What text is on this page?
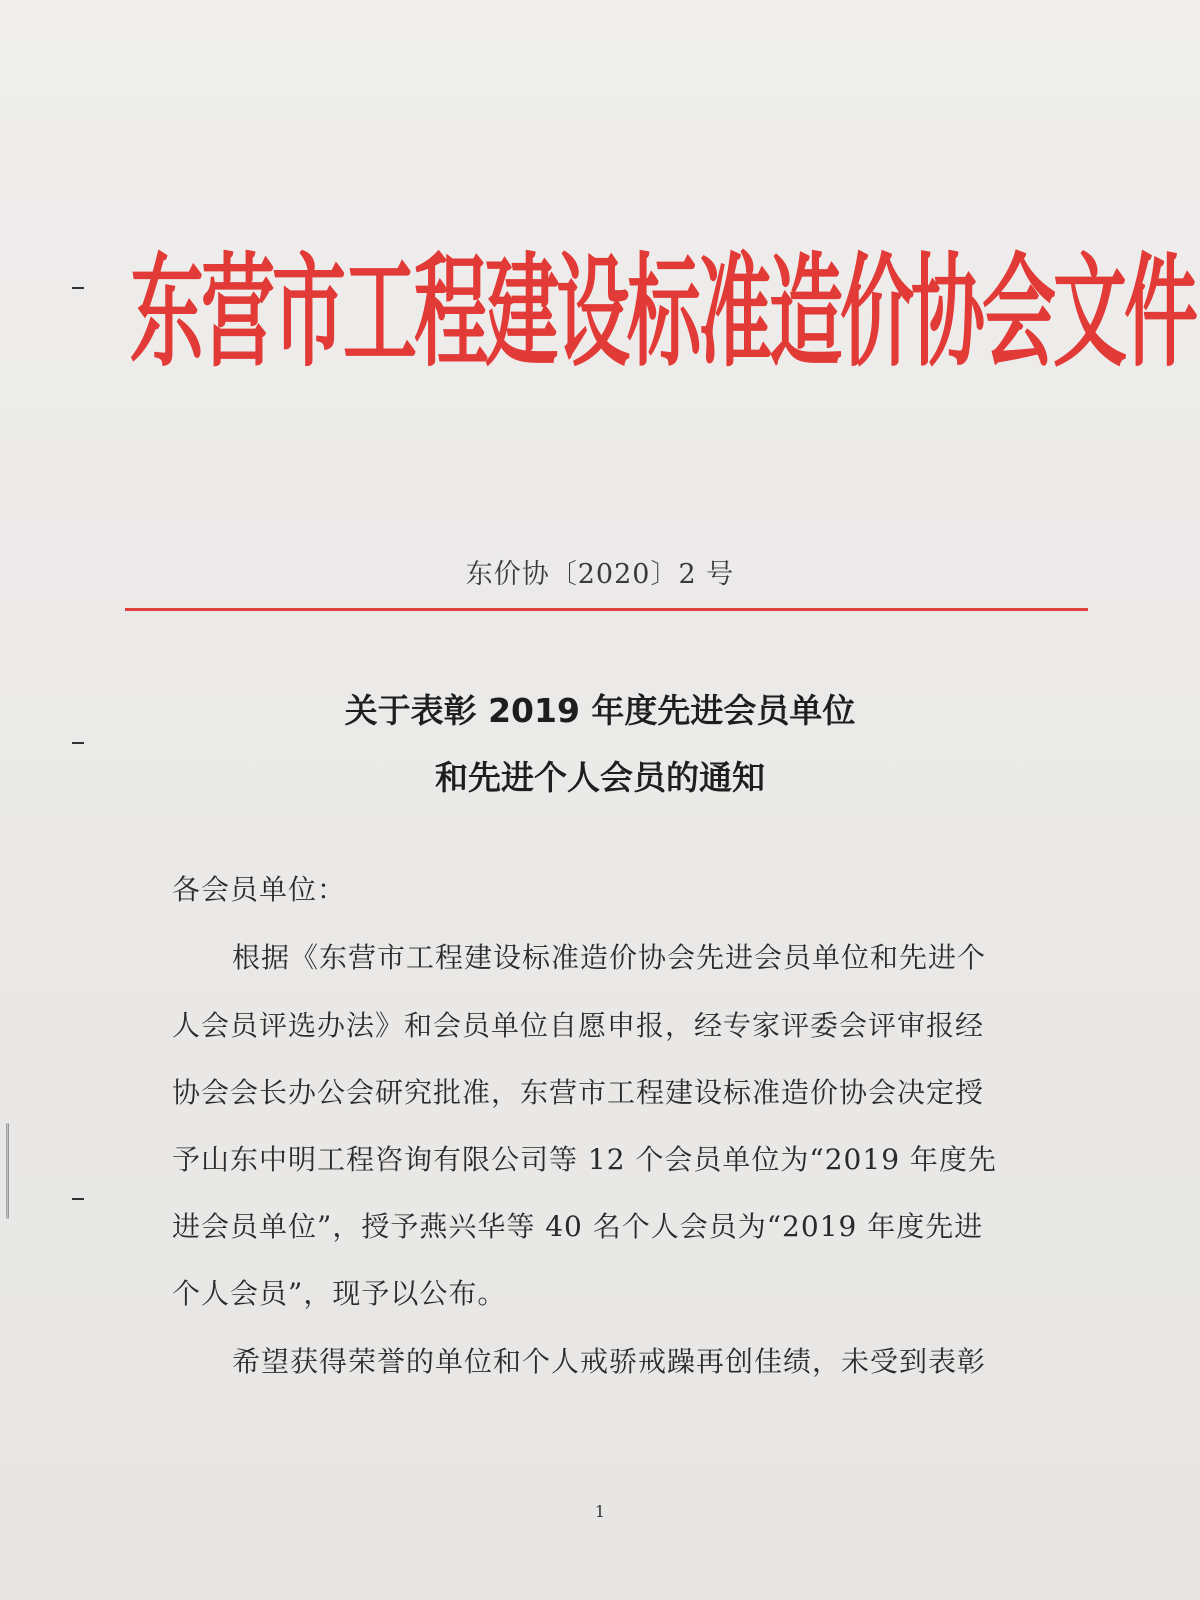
东营市工程建设标准造价协会文件
东价协〔2020〕2 号
关于表彰 2019 年度先进会员单位
和先进个人会员的通知
各会员单位：
根据《东营市工程建设标准造价协会先进会员单位和先进个
人会员评选办法》和会员单位自愿申报，经专家评委会评审报经
协会会长办公会研究批准，东营市工程建设标准造价协会决定授
予山东中明工程咨询有限公司等 12 个会员单位为“2019 年度先
进会员单位”，授予燕兴华等 40 名个人会员为“2019 年度先进
个人会员”，现予以公布。
希望获得荣誉的单位和个人戒骄戒躁再创佳绩，未受到表彰
1
